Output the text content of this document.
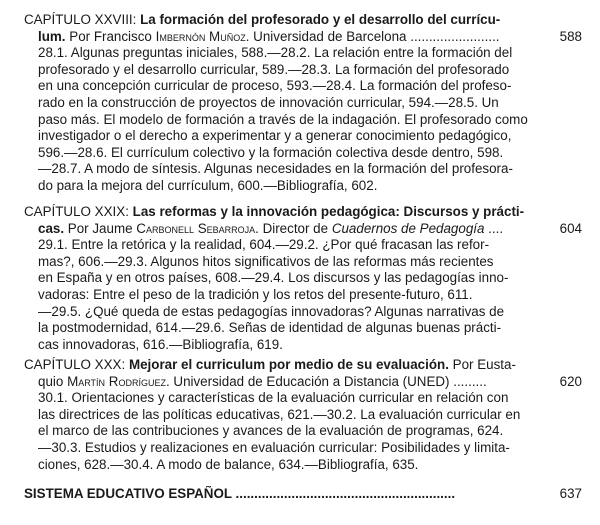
CAPÍTULO XXVIII: La formación del profesorado y el desarrollo del currícu-
lum. Por Francisco Imbernón Muñoz. Universidad de Barcelona ........................
28.1. Algunas preguntas iniciales, 588.—28.2. La relación entre la formación del
profesorado y el desarrollo curricular, 589.—28.3. La formación del profesorado
en una concepción curricular de proceso, 593.—28.4. La formación del profeso-
rado en la construcción de proyectos de innovación curricular, 594.—28.5. Un
paso más. El modelo de formación a través de la indagación. El profesorado como
investigador o el derecho a experimentar y a generar conocimiento pedagógico,
596.—28.6. El currículum colectivo y la formación colectiva desde dentro, 598.
—28.7. A modo de síntesis. Algunas necesidades en la formación del profesora-
do para la mejora del currículum, 600.—Bibliografía, 602.
588
CAPÍTULO XXIX: Las reformas y la innovación pedagógica: Discursos y prácti-
cas. Por Jaume Carbonell Sebarroja. Director de Cuadernos de Pedagogía ....
29.1. Entre la retórica y la realidad, 604.—29.2. ¿Por qué fracasan las refor-
mas?, 606.—29.3. Algunos hitos significativos de las reformas más recientes
en España y en otros países, 608.—29.4. Los discursos y las pedagogías inno-
vadoras: Entre el peso de la tradición y los retos del presente-futuro, 611.
—29.5. ¿Qué queda de estas pedagogías innovadoras? Algunas narrativas de
la postmodernidad, 614.—29.6. Señas de identidad de algunas buenas prácti-
cas innovadoras, 616.—Bibliografía, 619.
604
CAPÍTULO XXX: Mejorar el curriculum por medio de su evaluación. Por Eusta-
quio Martín Rodríguez. Universidad de Educación a Distancia (UNED) .........
30.1. Orientaciones y características de la evaluación curricular en relación con
las directrices de las políticas educativas, 621.—30.2. La evaluación curricular en
el marco de las contribuciones y avances de la evaluación de programas, 624.
—30.3. Estudios y realizaciones en evaluación curricular: Posibilidades y limita-
ciones, 628.—30.4. A modo de balance, 634.—Bibliografía, 635.
620
SISTEMA EDUCATIVO ESPAÑOL ...........................................................	637
